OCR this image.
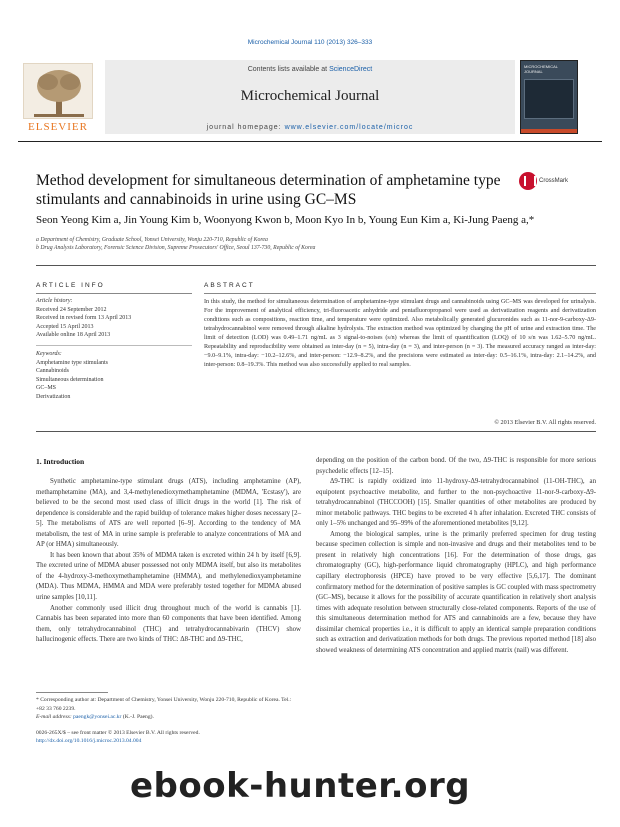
Microchemical Journal 110 (2013) 326–333
ELSEVIER
Contents lists available at ScienceDirect
Microchemical Journal
journal homepage: www.elsevier.com/locate/microc
MICROCHEMICAL JOURNAL
Method development for simultaneous determination of amphetamine type stimulants and cannabinoids in urine using GC–MS
CrossMark
Seon Yeong Kim a, Jin Young Kim b, Woonyong Kwon b, Moon Kyo In b, Young Eun Kim a, Ki-Jung Paeng a,*
a Department of Chemistry, Graduate School, Yonsei University, Wonju 220-710, Republic of Korea
b Drug Analysis Laboratory, Forensic Science Division, Supreme Prosecutors' Office, Seoul 137-730, Republic of Korea
ARTICLE INFO	ABSTRACT
Article history:
Received 24 September 2012
Received in revised form 13 April 2013
Accepted 15 April 2013
Available online 18 April 2013
Keywords:
Amphetamine type stimulants
Cannabinoids
Simultaneous determination
GC–MS
Derivatization
In this study, the method for simultaneous determination of amphetamine-type stimulant drugs and cannabinoids using GC–MS was developed for urinalysis. For the improvement of analytical efficiency, tri-fluoroacetic anhydride and pentafluoropropanol were used as derivatization reagents and derivatization conditions such as compositions, reaction time, and temperature were optimized. Also metabolically generated glucuronides such as 11-nor-9-carboxy-Δ9-tetrahydrocannabinol were removed through alkaline hydrolysis. The extraction method was optimized by changing the pH of urine and extraction time. The limit of detection (LOD) was 0.49–1.71 ng/mL as 3 signal-to-noises (s/n) whereas the limit of quantification (LOQ) of 10 s/n was 1.62–5.70 ng/mL. Repeatability and reproducibility were obtained as inter-day (n = 5), intra-day (n = 3), and inter-person (n = 3). The measured accuracy ranged as inter-day: −9.0–9.1%, intra-day: −10.2–12.6%, and inter-person: −12.9–8.2%, and the precisions were estimated as inter-day: 0.5–16.1%, intra-day: 2.1–14.2%, and inter-person: 0.8–19.3%. This method was also successfully applied to real samples.
© 2013 Elsevier B.V. All rights reserved.
1. Introduction

Synthetic amphetamine-type stimulant drugs (ATS), including amphetamine (AP), methamphetamine (MA), and 3,4-methylenedioxymethamphetamine (MDMA, 'Ecstasy'), are believed to be the second most used class of illicit drugs in the world [1]. The risk of dependence is considerable and the rapid buildup of tolerance makes higher doses necessary [2–5]. The metabolisms of ATS are well reported [6–9]. According to the tendency of MA metabolism, the test of MA in urine sample is preferable to analyze concentrations of MA and AP (or HMA) simultaneously.

It has been known that about 35% of MDMA taken is excreted within 24 h by itself [6,9]. The excreted urine of MDMA abuser possessed not only MDMA itself, but also its metabolites of the 4-hydroxy-3-methoxymethamphetamine (HMMA), and methylenedioxyamphetamine (MDA). Thus MDMA, HMMA and MDA were preferably tested together for MDMA abused urine samples [10,11].

Another commonly used illicit drug throughout much of the world is cannabis [1]. Cannabis has been separated into more than 60 components that have been identified. Among them, only tetrahydrocannabinol (THC) and tetrahydrocannabivarin (THCV) show hallucinogenic effects. There are two kinds of THC: Δ8-THC and Δ9-THC,

depending on the position of the carbon bond. Of the two, Δ9-THC is responsible for more serious psychedelic effects [12–15].

Δ9-THC is rapidly oxidized into 11-hydroxy-Δ9-tetrahydrocannabinol (11-OH-THC), an equipotent psychoactive metabolite, and further to the non-psychoactive 11-nor-9-carboxy-Δ9-tetrahydrocannabinol (THCCOOH) [15]. Smaller quantities of other metabolites are produced by minor metabolic pathways. THC begins to be excreted 4 h after inhalation. Excreted THC consists of only 1–5% unchanged and 95–99% of the aforementioned metabolites [9,12].

Among the biological samples, urine is the primarily preferred specimen for drug testing because specimen collection is simple and non-invasive and drugs and their metabolites tend to be present in relatively high concentrations [16]. For the determination of those drugs, gas chromatography (GC), high-performance liquid chromatography (HPLC), and high performance capillary electrophoresis (HPCE) have proved to be very effective [5,6,17]. The dominant confirmatory method for the determination of positive samples is GC coupled with mass spectrometry (GC–MS), because it allows for the possibility of accurate quantification in relatively short analysis times with adequate resolution between structurally close-related components. Reports of the use of this simultaneous determination method for ATS and cannabinoids are a few, because they have dissimilar chemical properties i.e., it is difficult to apply an identical sample preparation conditions such as extraction and derivatization methods for both drugs. The previous reported method [18] also showed weakness of determining ATS concentration and applied matrix (nail) was different.

* Corresponding author at: Department of Chemistry, Yonsei University, Wonju 220-710, Republic of Korea. Tel.: +82 33 760 2239.
E-mail address: paengk@yonsei.ac.kr (K.-J. Paeng).
0026-265X/$ – see front matter © 2013 Elsevier B.V. All rights reserved.
http://dx.doi.org/10.1016/j.microc.2013.04.004
ebook-hunter.org
